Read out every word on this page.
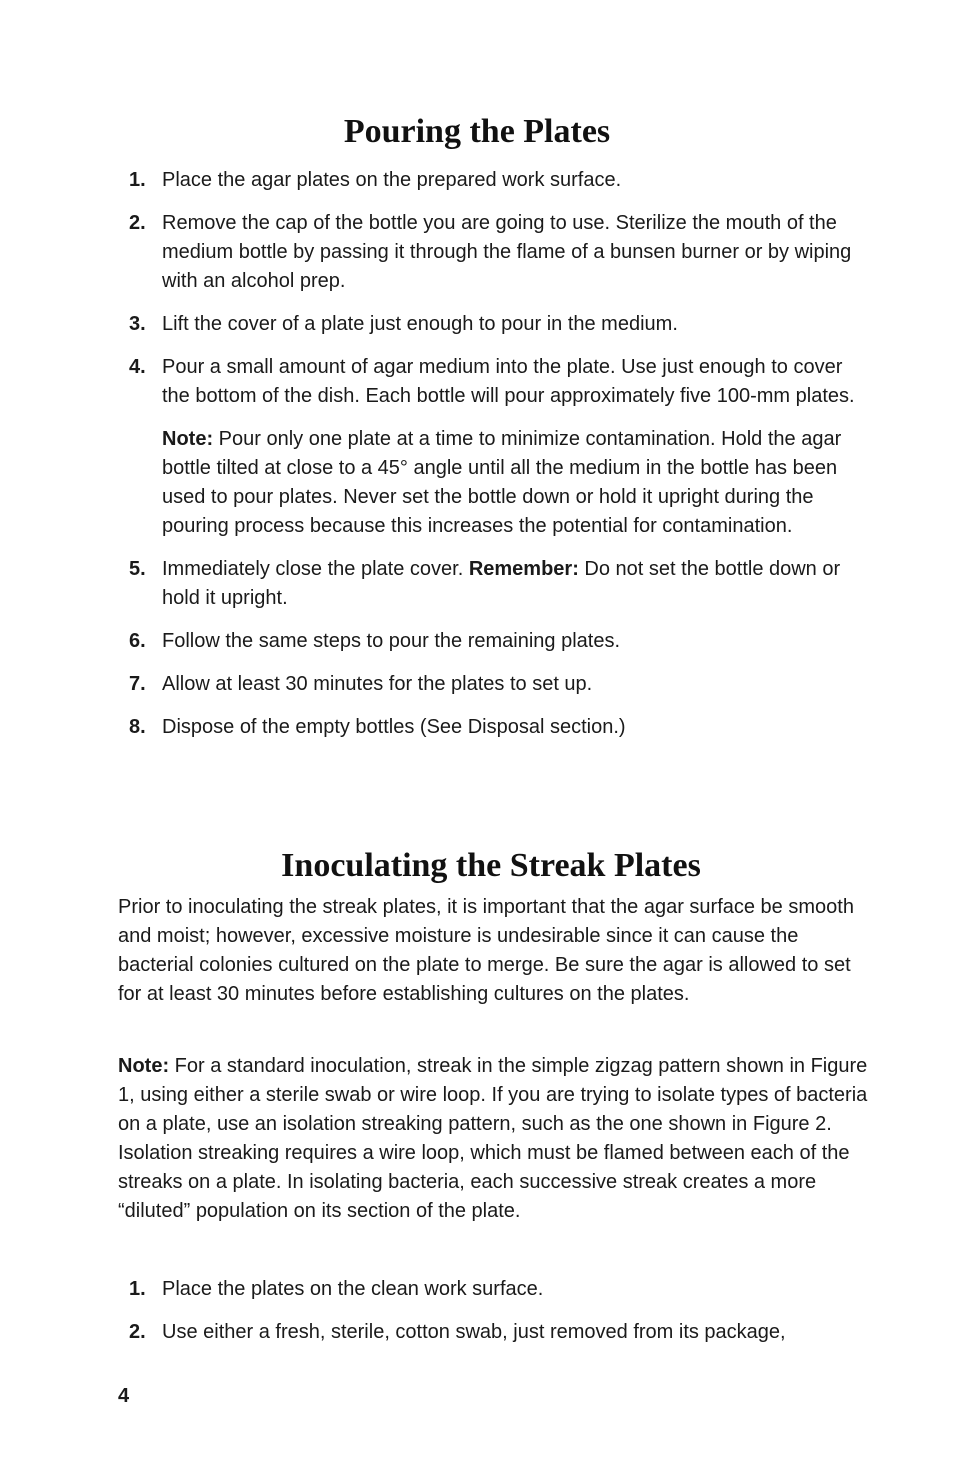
Pouring the Plates
1. Place the agar plates on the prepared work surface.
2. Remove the cap of the bottle you are going to use. Sterilize the mouth of the medium bottle by passing it through the flame of a bunsen burner or by wiping with an alcohol prep.
3. Lift the cover of a plate just enough to pour in the medium.
4. Pour a small amount of agar medium into the plate. Use just enough to cover the bottom of the dish. Each bottle will pour approximately five 100-mm plates.

Note: Pour only one plate at a time to minimize contamination. Hold the agar bottle tilted at close to a 45° angle until all the medium in the bottle has been used to pour plates. Never set the bottle down or hold it upright during the pouring process because this increases the potential for contamination.

5. Immediately close the plate cover. Remember: Do not set the bottle down or hold it upright.
6. Follow the same steps to pour the remaining plates.
7. Allow at least 30 minutes for the plates to set up.
8. Dispose of the empty bottles (See Disposal section.)
Inoculating the Streak Plates

Prior to inoculating the streak plates, it is important that the agar surface be smooth and moist; however, excessive moisture is undesirable since it can cause the bacterial colonies cultured on the plate to merge. Be sure the agar is allowed to set for at least 30 minutes before establishing cultures on the plates.

Note: For a standard inoculation, streak in the simple zigzag pattern shown in Figure 1, using either a sterile swab or wire loop. If you are trying to isolate types of bacteria on a plate, use an isolation streaking pattern, such as the one shown in Figure 2. Isolation streaking requires a wire loop, which must be flamed between each of the streaks on a plate. In isolating bacteria, each successive streak creates a more “diluted” population on its section of the plate.

1. Place the plates on the clean work surface.
2. Use either a fresh, sterile, cotton swab, just removed from its package,
4
